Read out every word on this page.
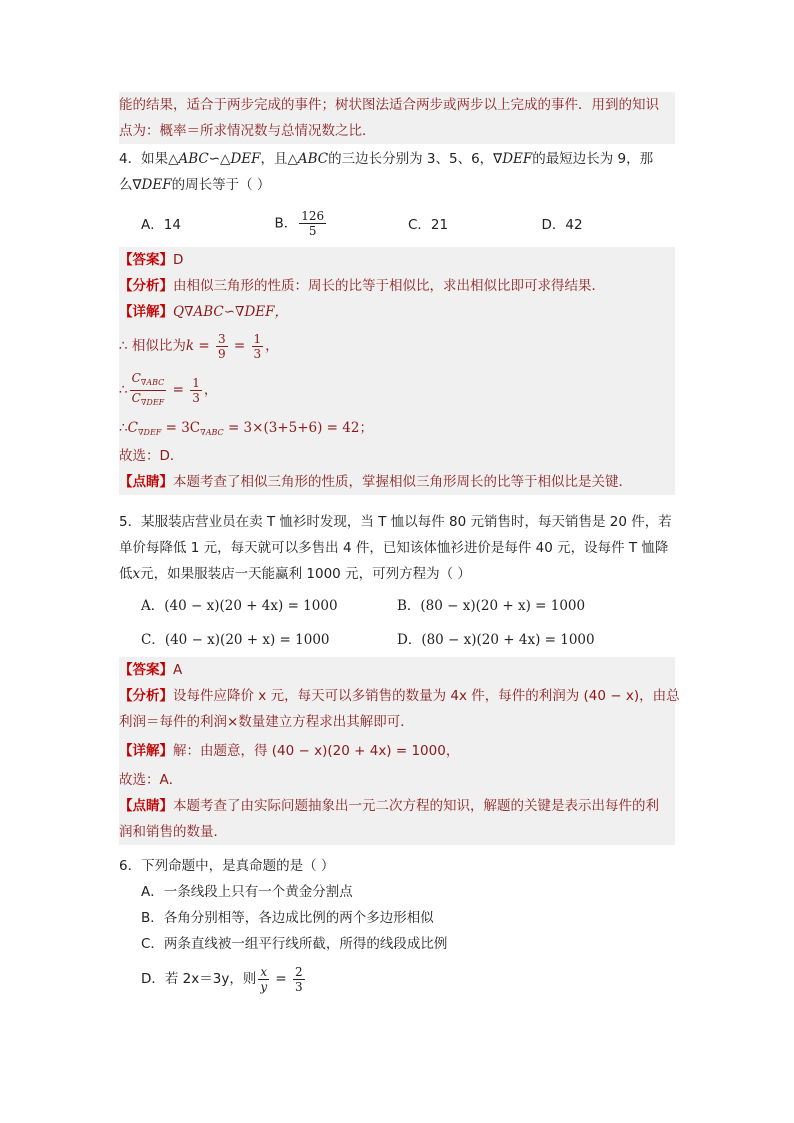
能的结果，适合于两步完成的事件；树状图法适合两步或两步以上完成的事件．用到的知识
点为：概率＝所求情况数与总情况数之比．
4．如果△ABC∽△DEF，且△ABC的三边长分别为 3、5、6，∇DEF的最短边长为 9，那
么∇DEF的周长等于（ ）
A．14	B． $\frac{126}{5}$	C．21	D．42
【答案】D
【分析】由相似三角形的性质：周长的比等于相似比，求出相似比即可求得结果．
【详解】Q∇ABC∽∇DEF，
∴ 相似比为$k = \frac{3}{9} = \frac{1}{3}$ ，
∴ $\frac{C_{\nabla ABC}}{C_{\nabla DEF}} = \frac{1}{3}$ ，
$\therefore C_{\nabla DEF} = 3C_{\nabla ABC} = 3\times(3+5+6) = 42$；
故选：D．
【点睛】本题考查了相似三角形的性质，掌握相似三角形周长的比等于相似比是关键．
5．某服装店营业员在卖 T 恤衫时发现，当 T 恤以每件 80 元销售时，每天销售是 20 件，若
单价每降低 1 元，每天就可以多售出 4 件，已知该体恤衫进价是每件 40 元，设每件 T 恤降
低x元，如果服装店一天能赢利 1000 元，可列方程为（ ）
A．(40 − x)(20 + 4x) = 1000	B．(80 − x)(20 + x) = 1000
C．(40 − x)(20 + x) = 1000	D．(80 − x)(20 + 4x) = 1000
【答案】A
【分析】设每件应降价 x 元，每天可以多销售的数量为 4x 件，每件的利润为 (40 − x)，由总
利润＝每件的利润×数量建立方程求出其解即可．
【详解】解：由题意，得 (40 − x)(20 + 4x) = 1000，
故选：A．
【点睛】本题考查了由实际问题抽象出一元二次方程的知识，解题的关键是表示出每件的利
润和销售的数量．
6．下列命题中，是真命题的是（ ）
A．一条线段上只有一个黄金分割点
B．各角分别相等，各边成比例的两个多边形相似
C．两条直线被一组平行线所截，所得的线段成比例
D．若 2x＝3y，则 $\frac{x}{y} = \frac{2}{3}$
